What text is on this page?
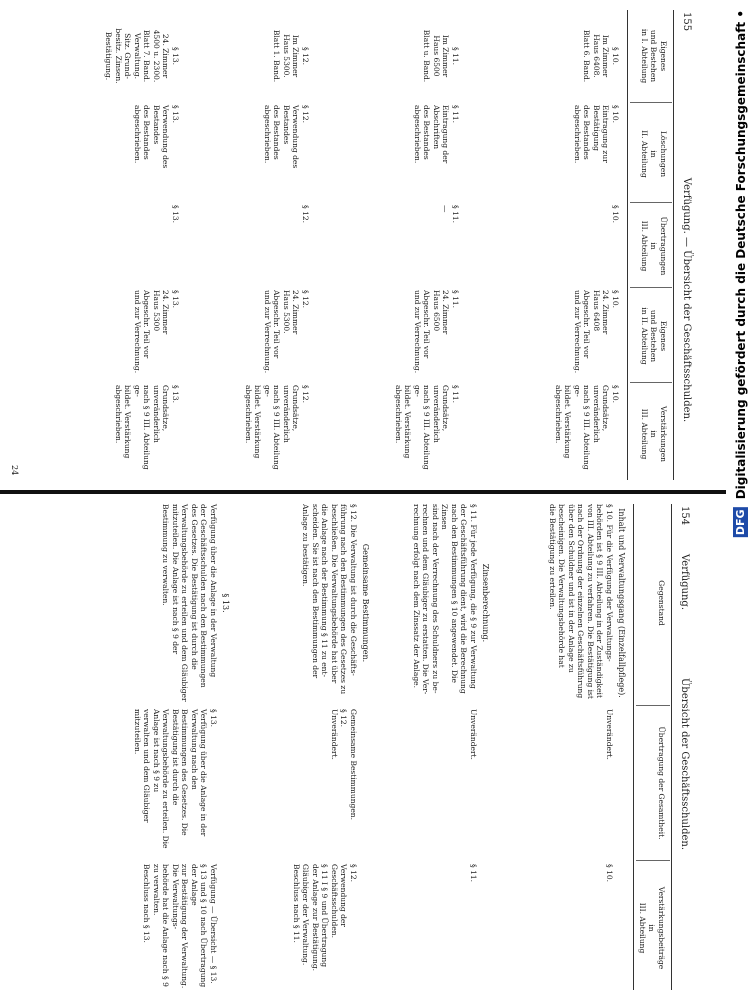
155
Verfügung. — Übersicht der Geschäftsschulden.
Eigenes
und Bestehen
in I. Abteilung
Löschungen
in
II. Abteilung
Übertragungen
in
III. Abteilung
Eigenes
und Bestehen
in II. Abteilung
Verstärkungen
in
III. Abteilung
§ 10.
Im Zimmer
Haus 6408.
Blatt 6. Band.
§ 10.
Eintragung zur Bestätigung
des Bestandes abgeschrieben.
§ 10.
§ 10.
24. Zimmer
Haus 6408
Abgeschr. Teil vor
und zur Verrechnung.
§ 10.
Grundsätze, unveränderlich
nach § 9 III. Abteilung ge-
bildet. Verstärkung abgeschrieben.
§ 11.
Im Zimmer
Haus 6500
Blatt u. Band.
§ 11.
Eintragung der Abschriften
des Bestandes abgeschrieben.
§ 11.
—
§ 11.
24. Zimmer
Haus 6500
Abgeschr. Teil vor
und zur Verrechnung.
§ 11.
Grundsätze, unveränderlich
nach § 9 III. Abteilung ge-
bildet. Verstärkung abgeschrieben.
§ 12.
Im Zimmer
Haus 5300.
Blatt 1. Band.
§ 12.
Verwendung des Bestandes
des Bestandes abgeschrieben.
§ 12.
§ 12.
24. Zimmer
Haus 5300.
Abgeschr. Teil vor
und zur Verrechnung.
§ 12.
Grundsätze, unveränderlich
nach § 9 III. Abteilung ge-
bildet. Verstärkung abgeschrieben.
§ 13.
24. Zimmer
4500 u. 2300.
Blatt 7. Band.
Verwaltung.
Sitz. Grund-
besitz. Zinsen.
Bestätigung.
§ 13.
Verwendung des Bestandes
des Bestandes abgeschrieben.
§ 13.
§ 13.
24. Zimmer
Haus 5300
Abgeschr. Teil vor
und zur Verrechnung.
§ 13.
Grundsätze, unveränderlich
nach § 9 III. Abteilung ge-
bildet. Verstärkung abgeschrieben.
24
154
Verfügung.
Übersicht der Geschäftsschulden.
Gegenstand
Übertragung der Gesamtheit.
Verstärkungsbeiträge
in
III. Abteilung
Inhalt und Verwaltungsgang (Einzelfallpflege).
§ 10. Für die Verfügung der Verwaltungs-
behörden ist § 9 III. Abteilung in der Zuständigkeit
von III. Abteilung zu verfahren. Die Bestätigung ist
nach der Ordnung der einzelnen Geschäftsführung
über den Schuldner und ist in der Anlage zu
bescheinigen. Die Verwaltungsbehörde hat
die Bestätigung zu erteilen.
Unverändert.
§ 10.
Zinsenberechnung.
§ 11. Für jede Verfügung, die § 9 zur Verwaltung
der Geschäftsführung dient, wird die Berechnung
nach den Bestimmungen § 10 angewendet. Die Zinsen
sind nach der Verrechnung des Schuldners zu be-
rechnen und dem Gläubiger zu erstatten. Die Ver-
rechnung erfolgt nach dem Zinssatz der Anlage.
Unverändert.
§ 11.
Gemeinsame Bestimmungen.
§ 12. Die Verwaltung ist durch die Geschäfts-
führung nach den Bestimmungen des Gesetzes zu
beschließen. Die Verwaltungsbehörde hat über
die Anlage nach der Bestimmung § 11 zu ent-
scheiden. Sie ist nach den Bestimmungen der
Anlage zu bestätigen.
Gemeinsame Bestimmungen.
§ 12.
Unverändert.
§ 12.
Verwendung der Geschäftsschulden.
§ 11 I § 9 und Übertragung
der Anlage zur Bestätigung.
Gläubiger der Verwaltung.
Beschluss nach § 11.
§ 13.
Verfügung über die Anlage in der Verwaltung
der Geschäftsschulden nach den Bestimmungen
des Gesetzes. Die Bestätigung ist durch die
Verwaltungsbehörde zu erteilen und dem Gläubiger
mitzuteilen. Die Anlage ist nach § 9 der
Bestimmung zu verwalten.
§ 13.
Verfügung über die Anlage in der Verwaltung nach den
Bestimmungen des Gesetzes. Die Bestätigung ist durch die
Verwaltungsbehörde zu erteilen. Die Anlage ist nach § 9 zu
verwalten und dem Gläubiger mitzuteilen.
Verfügung — Übersicht — § 13.
§ 13 und § 10 nach Übertragung der Anlage
zur Bestätigung der Verwaltung. Die Verwaltungs-
behörde hat die Anlage nach § 9 zu verwalten.
Beschluss nach § 13.
DFG Digitalisierung gefördert durch die Deutsche Forschungsgemeinschaft •
